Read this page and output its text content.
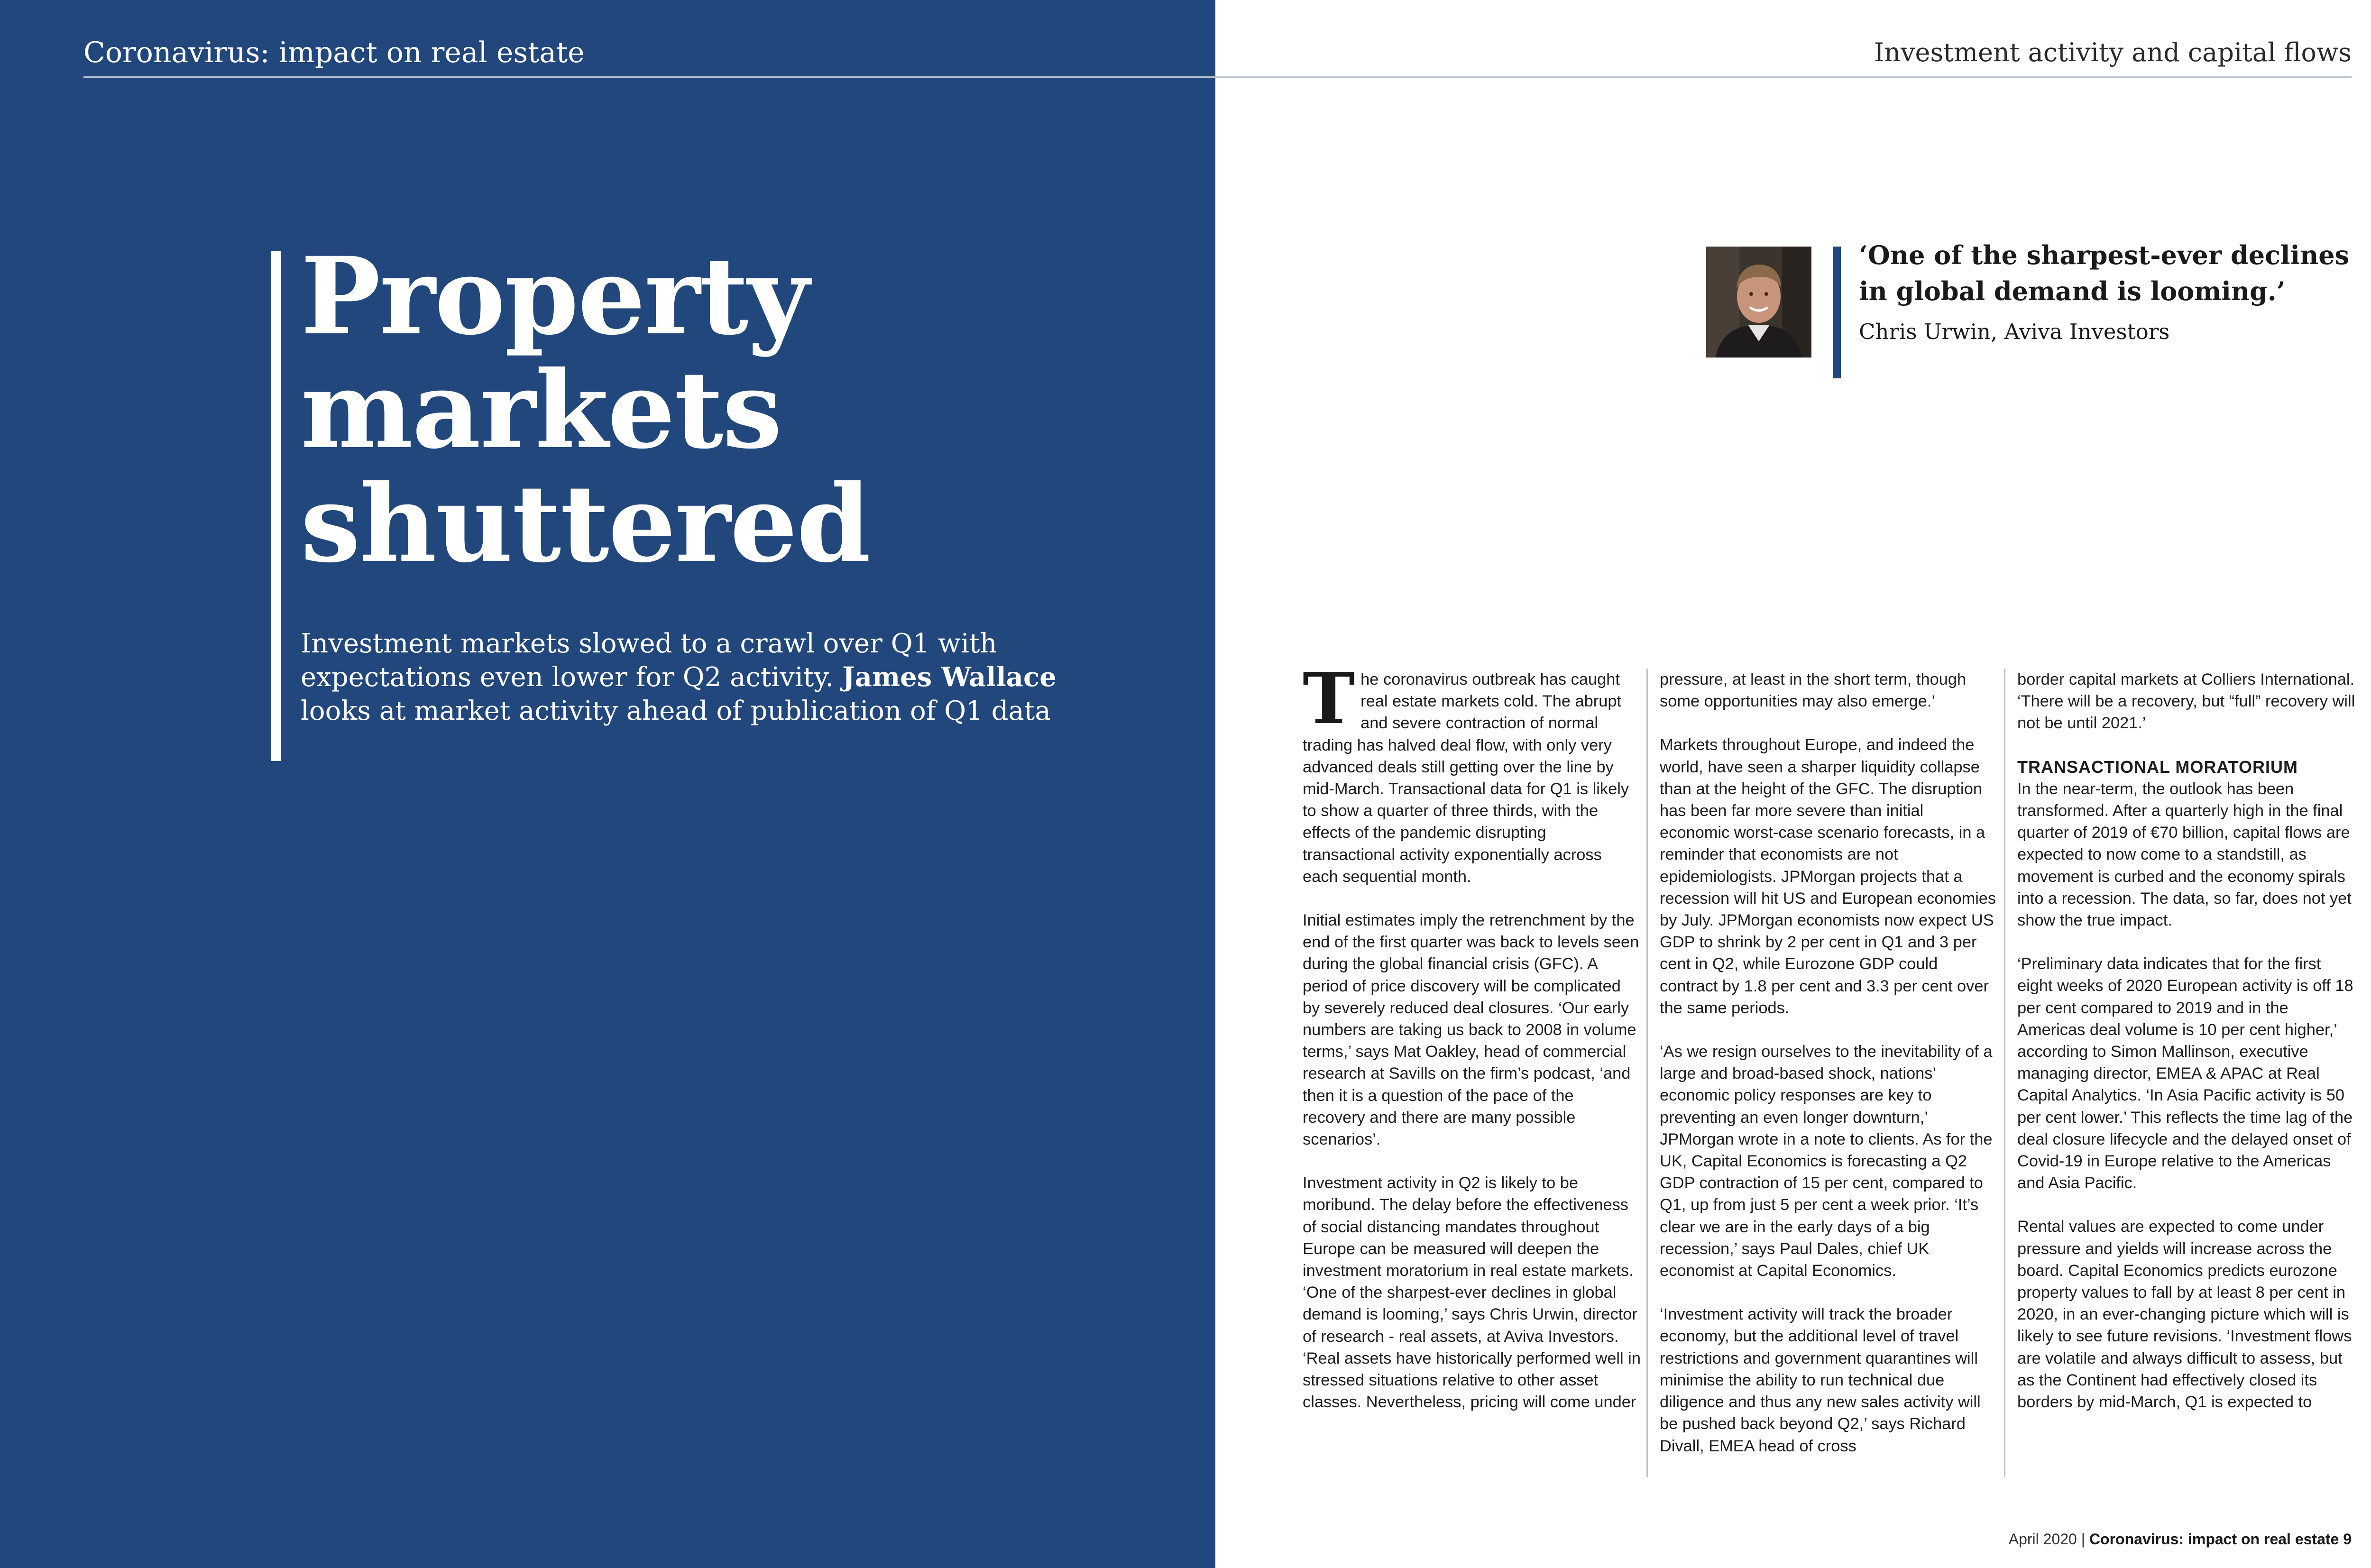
Coronavirus: impact on real estate	Investment activity and capital flows

Property
markets
shuttered

Investment markets slowed to a crawl over Q1 with expectations even lower for Q2 activity. James Wallace looks at market activity ahead of publication of Q1 data

‘One of the sharpest-ever declines in global demand is looming.’

Chris Urwin, Aviva Investors

The coronavirus outbreak has caught real estate markets cold. The abrupt and severe contraction of normal trading has halved deal flow, with only very advanced deals still getting over the line by mid-March. Transactional data for Q1 is likely to show a quarter of three thirds, with the effects of the pandemic disrupting transactional activity exponentially across each sequential month.

Initial estimates imply the retrenchment by the end of the first quarter was back to levels seen during the global financial crisis (GFC). A period of price discovery will be complicated by severely reduced deal closures. ‘Our early numbers are taking us back to 2008 in volume terms,’ says Mat Oakley, head of commercial research at Savills on the firm’s podcast, ‘and then it is a question of the pace of the recovery and there are many possible scenarios’.

Investment activity in Q2 is likely to be moribund. The delay before the effectiveness of social distancing mandates throughout Europe can be measured will deepen the investment moratorium in real estate markets.

‘One of the sharpest-ever declines in global demand is looming,’ says Chris Urwin, director of research - real assets, at Aviva Investors. ‘Real assets have historically performed well in stressed situations relative to other asset classes. Nevertheless, pricing will come under

pressure, at least in the short term, though some opportunities may also emerge.’

Markets throughout Europe, and indeed the world, have seen a sharper liquidity collapse than at the height of the GFC. The disruption has been far more severe than initial economic worst-case scenario forecasts, in a reminder that economists are not epidemiologists. JPMorgan projects that a recession will hit US and European economies by July. JPMorgan economists now expect US GDP to shrink by 2 per cent in Q1 and 3 per cent in Q2, while Eurozone GDP could contract by 1.8 per cent and 3.3 per cent over the same periods.

‘As we resign ourselves to the inevitability of a large and broad-based shock, nations’ economic policy responses are key to preventing an even longer downturn,’ JPMorgan wrote in a note to clients. As for the UK, Capital Economics is forecasting a Q2 GDP contraction of 15 per cent, compared to Q1, up from just 5 per cent a week prior. ‘It’s clear we are in the early days of a big recession,’ says Paul Dales, chief UK economist at Capital Economics.

‘Investment activity will track the broader economy, but the additional level of travel restrictions and government quarantines will minimise the ability to run technical due diligence and thus any new sales activity will be pushed back beyond Q2,’ says Richard Divall, EMEA head of cross

border capital markets at Colliers International. ‘There will be a recovery, but “full” recovery will not be until 2021.’

TRANSACTIONAL MORATORIUM
In the near-term, the outlook has been transformed. After a quarterly high in the final quarter of 2019 of €70 billion, capital flows are expected to now come to a standstill, as movement is curbed and the economy spirals into a recession. The data, so far, does not yet show the true impact.

‘Preliminary data indicates that for the first eight weeks of 2020 European activity is off 18 per cent compared to 2019 and in the Americas deal volume is 10 per cent higher,’ according to Simon Mallinson, executive managing director, EMEA & APAC at Real Capital Analytics. ‘In Asia Pacific activity is 50 per cent lower.’ This reflects the time lag of the deal closure lifecycle and the delayed onset of Covid-19 in Europe relative to the Americas and Asia Pacific.

Rental values are expected to come under pressure and yields will increase across the board. Capital Economics predicts eurozone property values to fall by at least 8 per cent in 2020, in an ever-changing picture which will is likely to see future revisions. ‘Investment flows are volatile and always difficult to assess, but as the Continent had effectively closed its borders by mid-March, Q1 is expected to

April 2020 | Coronavirus: impact on real estate 9
